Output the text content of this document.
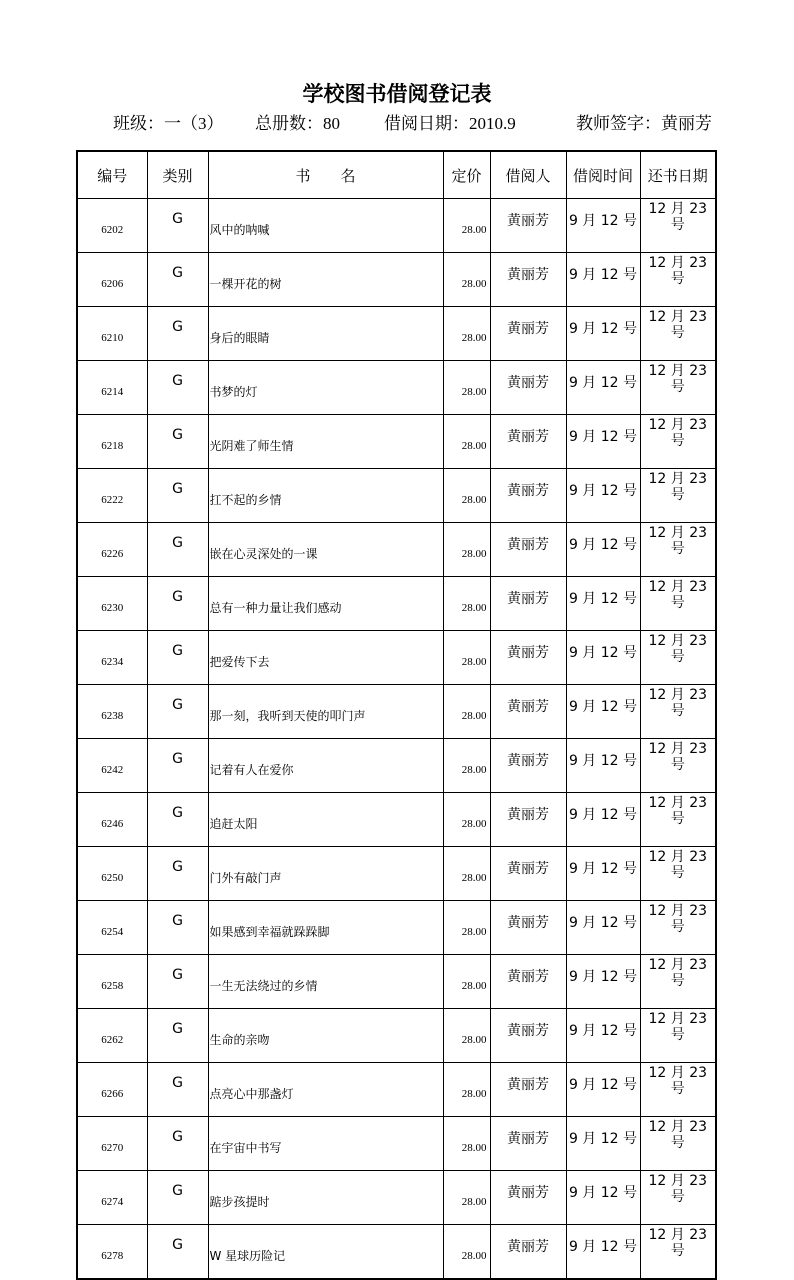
学校图书借阅登记表
班级：一（3） 总册数：80	借阅日期：2010.9	教师签字：黄丽芳
编号	类别	书　　名	定价	借阅人	借阅时间	还书日期
6202	G	风中的呐喊	28.00	黄丽芳	9 月 12 号	12 月 23
号

6206	G	一棵开花的树	28.00	黄丽芳	9 月 12 号	12 月 23
号

6210	G	身后的眼睛	28.00	黄丽芳	9 月 12 号	12 月 23
号

6214	G	书梦的灯	28.00	黄丽芳	9 月 12 号	12 月 23
号

6218	G	光阴难了师生情	28.00	黄丽芳	9 月 12 号	12 月 23
号

6222	G	扛不起的乡情	28.00	黄丽芳	9 月 12 号	12 月 23
号

6226	G	嵌在心灵深处的一课	28.00	黄丽芳	9 月 12 号	12 月 23
号

6230	G	总有一种力量让我们感动	28.00	黄丽芳	9 月 12 号	12 月 23
号

6234	G	把爱传下去	28.00	黄丽芳	9 月 12 号	12 月 23
号

6238	G	那一刻，我听到天使的叩门声	28.00	黄丽芳	9 月 12 号	12 月 23
号

6242	G	记着有人在爱你	28.00	黄丽芳	9 月 12 号	12 月 23
号

6246	G	追赶太阳	28.00	黄丽芳	9 月 12 号	12 月 23
号

6250	G	门外有敲门声	28.00	黄丽芳	9 月 12 号	12 月 23
号

6254	G	如果感到幸福就跺跺脚	28.00	黄丽芳	9 月 12 号	12 月 23
号

6258	G	一生无法绕过的乡情	28.00	黄丽芳	9 月 12 号	12 月 23
号

6262	G	生命的亲吻	28.00	黄丽芳	9 月 12 号	12 月 23
号

6266	G	点亮心中那盏灯	28.00	黄丽芳	9 月 12 号	12 月 23
号

6270	G	在宇宙中书写	28.00	黄丽芳	9 月 12 号	12 月 23
号

6274	G	踮步孩提时	28.00	黄丽芳	9 月 12 号	12 月 23
号

6278	G	W 星球历险记	28.00	黄丽芳	9 月 12 号	12 月 23
号
